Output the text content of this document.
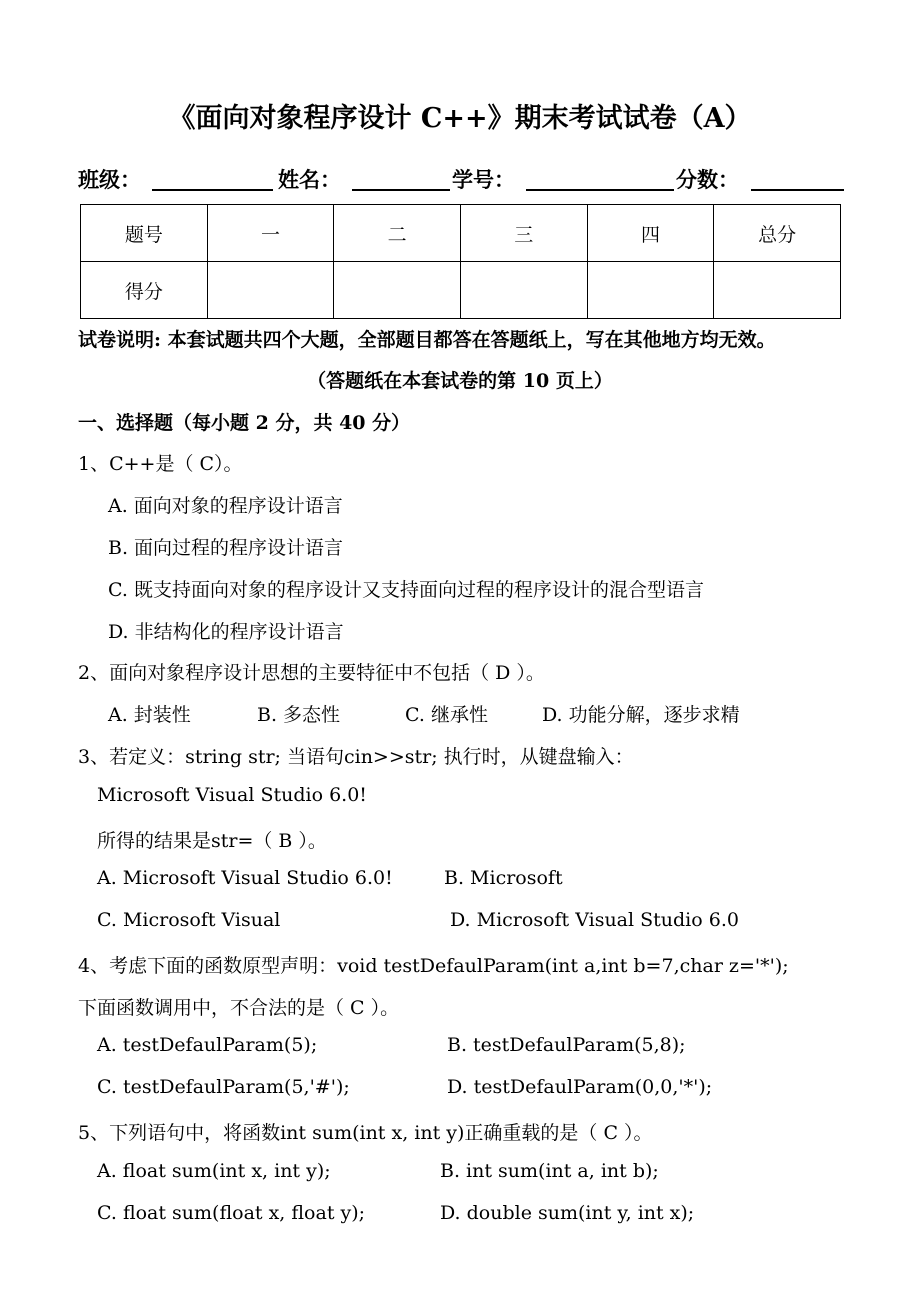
《面向对象程序设计 C++》期末考试试卷（A）
班级：	姓名：	学号：	分数：
题号	一	二	三	四	总分
得分					
试卷说明: 本套试题共四个大题，全部题目都答在答题纸上，写在其他地方均无效。
（答题纸在本套试卷的第 10 页上）
一、选择题（每小题 2 分，共 40 分）
1、C++是（ C）。
A. 面向对象的程序设计语言
B. 面向过程的程序设计语言
C. 既支持面向对象的程序设计又支持面向过程的程序设计的混合型语言
D. 非结构化的程序设计语言
2、面向对象程序设计思想的主要特征中不包括（ D ）。
A. 封装性	B. 多态性	C. 继承性	D. 功能分解，逐步求精
3、若定义：string str; 当语句cin>>str; 执行时，从键盘输入：
Microsoft Visual Studio 6.0!
所得的结果是str=（ B ）。
A. Microsoft Visual Studio 6.0!	B. Microsoft
C. Microsoft Visual	D. Microsoft Visual Studio 6.0
4、考虑下面的函数原型声明：void testDefaulParam(int a,int b=7,char z='*');
下面函数调用中，不合法的是（ C ）。
A. testDefaulParam(5);	B. testDefaulParam(5,8);
C. testDefaulParam(5,'#');	D. testDefaulParam(0,0,'*');
5、下列语句中，将函数int sum(int x, int y)正确重载的是（ C ）。
A. float sum(int x, int y);	B. int sum(int a, int b);
C. float sum(float x, float y);	D. double sum(int y, int x);
